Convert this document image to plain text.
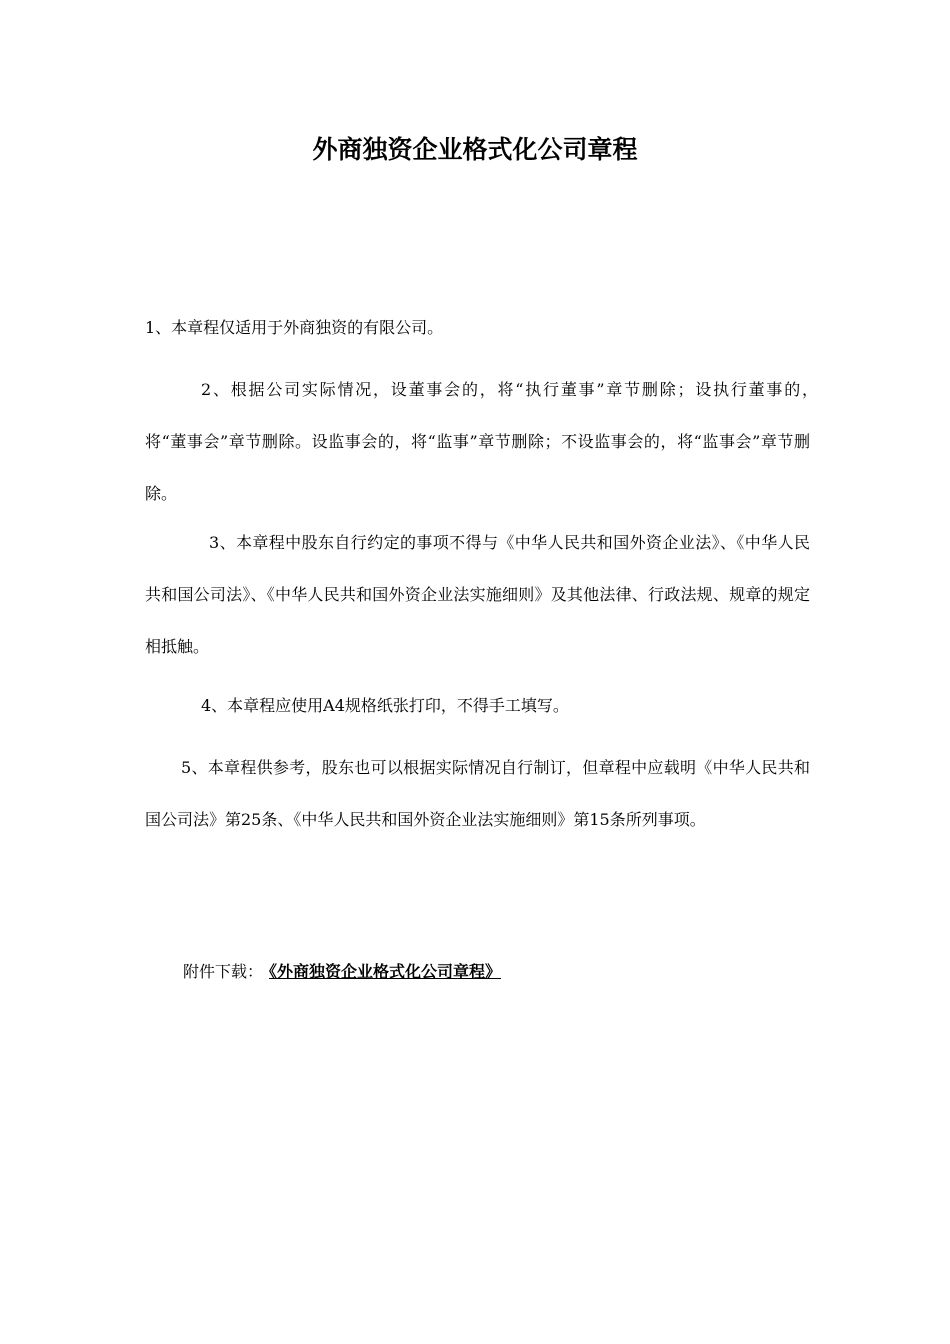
外商独资企业格式化公司章程

1、本章程仅适用于外商独资的有限公司。

2、根据公司实际情况，设董事会的，将“执行董事”章节删除；设执行董事的，　　将“董事会”章节删除。设监事会的，将“监事”章节删除；不设监事会的，将“监事会”章节删除。

3、本章程中股东自行约定的事项不得与《中华人民共和国外资企业法》、《中华人民共和国公司法》、《中华人民共和国外资企业法实施细则》及其他法律、行政法规、规章的规定相抵触。

4、本章程应使用A4规格纸张打印，不得手工填写。

5、本章程供参考，股东也可以根据实际情况自行制订，但章程中应载明《中华人民共和国公司法》第25条、《中华人民共和国外资企业法实施细则》第15条所列事项。

附件下载： 《外商独资企业格式化公司章程》
